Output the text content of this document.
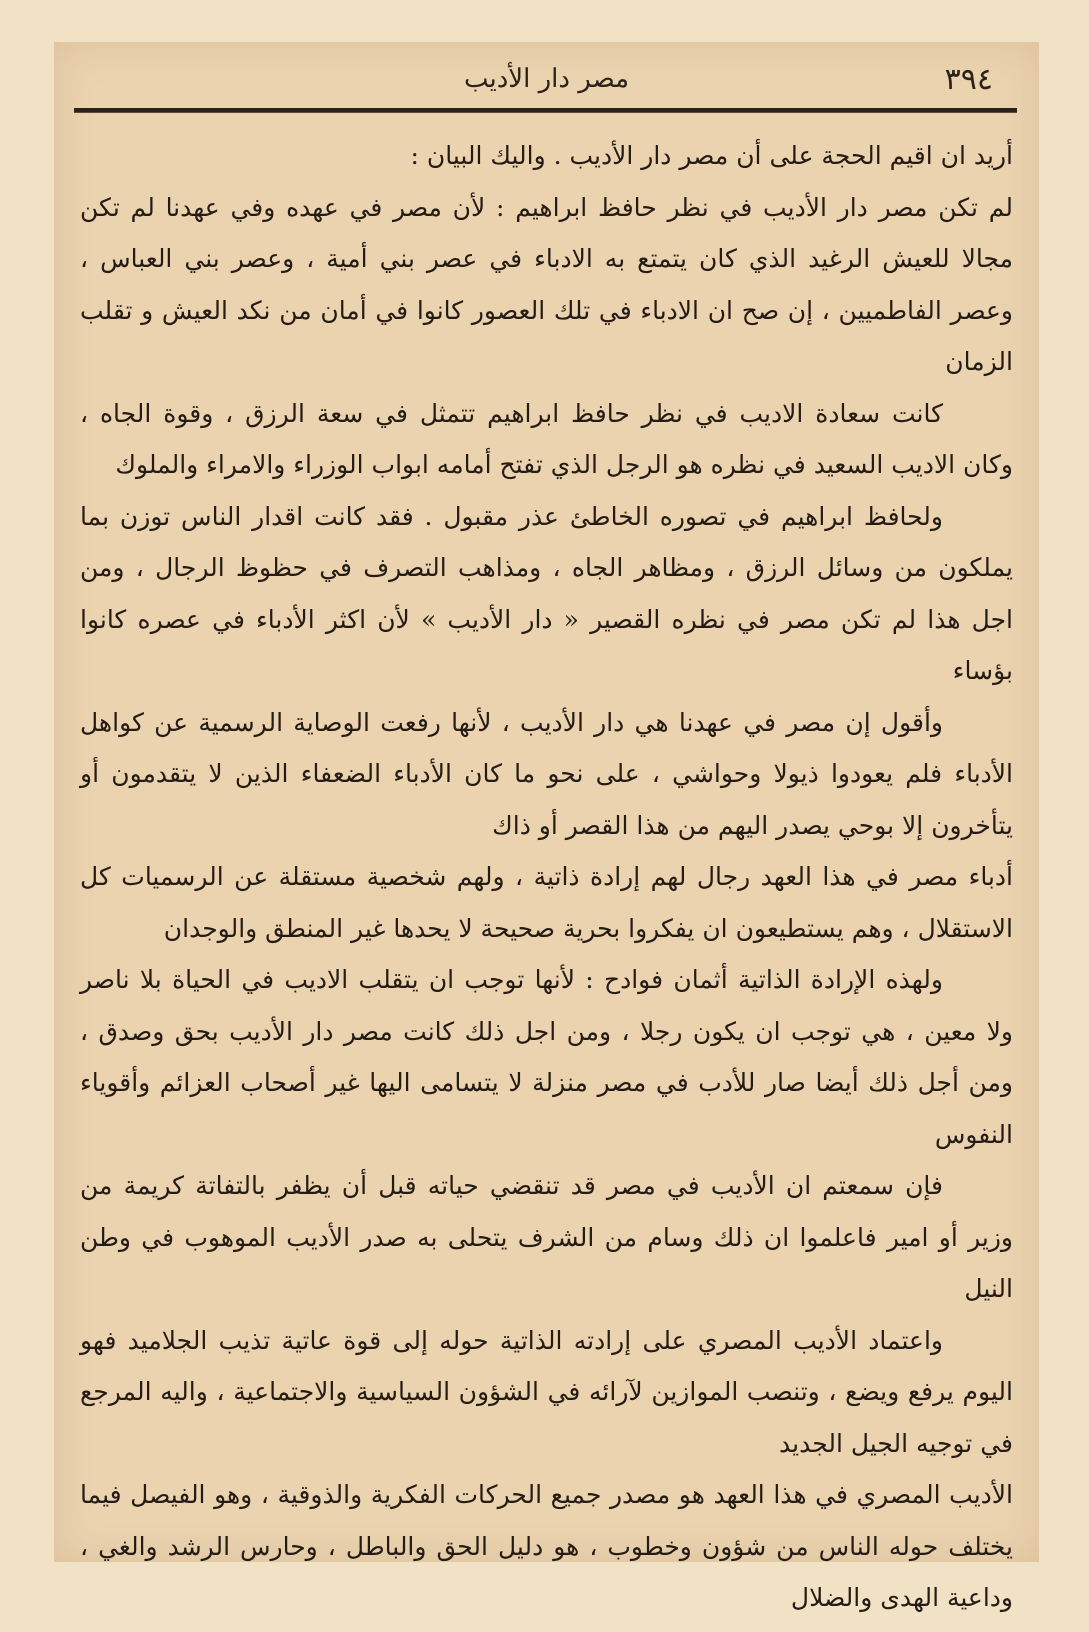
٣٩٤
مصر دار الأديب

أريد ان اقيم الحجة على أن مصر دار الأديب . واليك البيان :

لم تكن مصر دار الأديب في نظر حافظ ابراهيم : لأن مصر في عهده وفي عهدنا لم تكن مجالا للعيش الرغيد الذي كان يتمتع به الادباء في عصر بني أمية ، وعصر بني العباس ، وعصر الفاطميين ، إن صح ان الادباء في تلك العصور كانوا في أمان من نكد العيش و تقلب الزمان

كانت سعادة الاديب في نظر حافظ ابراهيم تتمثل في سعة الرزق ، وقوة الجاه ، وكان الاديب السعيد في نظره هو الرجل الذي تفتح أمامه ابواب الوزراء والامراء والملوك

ولحافظ ابراهيم في تصوره الخاطئ عذر مقبول . فقد كانت اقدار الناس توزن بما يملكون من وسائل الرزق ، ومظاهر الجاه ، ومذاهب التصرف في حظوظ الرجال ، ومن اجل هذا لم تكن مصر في نظره القصير « دار الأديب » لأن اكثر الأدباء في عصره كانوا بؤساء

وأقول إن مصر في عهدنا هي دار الأديب ، لأنها رفعت الوصاية الرسمية عن كواهل الأدباء فلم يعودوا ذيولا وحواشي ، على نحو ما كان الأدباء الضعفاء الذين لا يتقدمون أو يتأخرون إلا بوحي يصدر اليهم من هذا القصر أو ذاك

أدباء مصر في هذا العهد رجال لهم إرادة ذاتية ، ولهم شخصية مستقلة عن الرسميات كل الاستقلال ، وهم يستطيعون ان يفكروا بحرية صحيحة لا يحدها غير المنطق والوجدان

ولهذه الإرادة الذاتية أثمان فوادح : لأنها توجب ان يتقلب الاديب في الحياة بلا ناصر ولا معين ، هي توجب ان يكون رجلا ، ومن اجل ذلك كانت مصر دار الأديب بحق وصدق ، ومن أجل ذلك أيضا صار للأدب في مصر منزلة لا يتسامى اليها غير أصحاب العزائم وأقوياء النفوس

فإن سمعتم ان الأديب في مصر قد تنقضي حياته قبل أن يظفر بالتفاتة كريمة من وزير أو امير فاعلموا ان ذلك وسام من الشرف يتحلى به صدر الأديب الموهوب في وطن النيل

واعتماد الأديب المصري على إرادته الذاتية حوله إلى قوة عاتية تذيب الجلاميد فهو اليوم يرفع ويضع ، وتنصب الموازين لآرائه في الشؤون السياسية والاجتماعية ، واليه المرجع في توجيه الجيل الجديد

الأديب المصري في هذا العهد هو مصدر جميع الحركات الفكرية والذوقية ، وهو الفيصل فيما يختلف حوله الناس من شؤون وخطوب ، هو دليل الحق والباطل ، وحارس الرشد والغي ، وداعية الهدى والضلال
